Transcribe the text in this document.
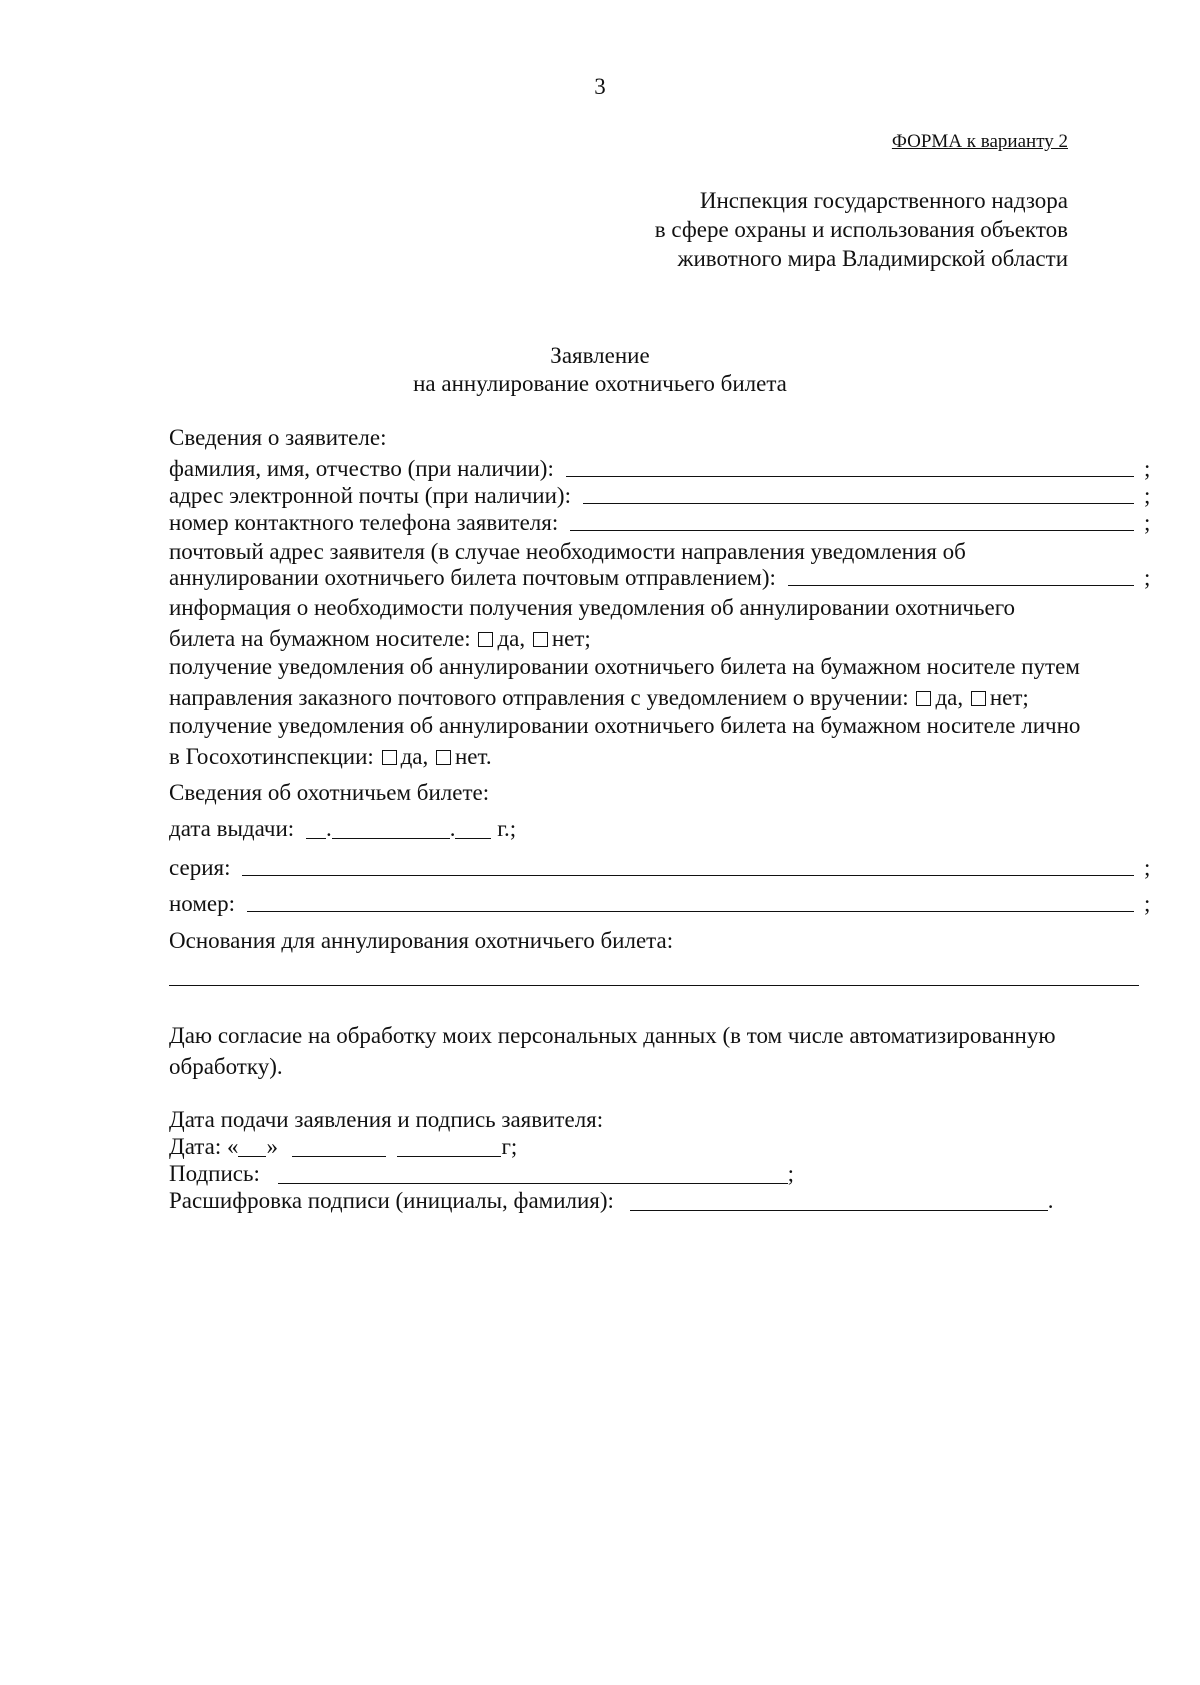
3
ФОРМА к варианту 2
Инспекция государственного надзора
в сфере охраны и использования объектов
животного мира Владимирской области
Заявление
на аннулирование охотничьего билета
Сведения о заявителе:
фамилия, имя, отчество (при наличии):	;
адрес электронной почты (при наличии):	;
номер контактного телефона заявителя:	;
почтовый адрес заявителя (в случае необходимости направления уведомления об
аннулировании охотничьего билета почтовым отправлением):	;
информация о необходимости получения уведомления об аннулировании охотничьего
билета на бумажном носителе: да, нет;
получение уведомления об аннулировании охотничьего билета на бумажном носителе путем
направления заказного почтового отправления с уведомлением о вручении: да, нет;
получение уведомления об аннулировании охотничьего билета на бумажном носителе лично
в Госохотинспекции: да, нет.
Сведения об охотничьем билете:
дата выдачи: .	. г.;
серия:	;
номер:	;
Основания для аннулирования охотничьего билета:
Даю согласие на обработку моих персональных данных (в том числе автоматизированную
обработку).
Дата подачи заявления и подпись заявителя:
Дата: « »	г;
Подпись:	;
Расшифровка подписи (инициалы, фамилия):	.
